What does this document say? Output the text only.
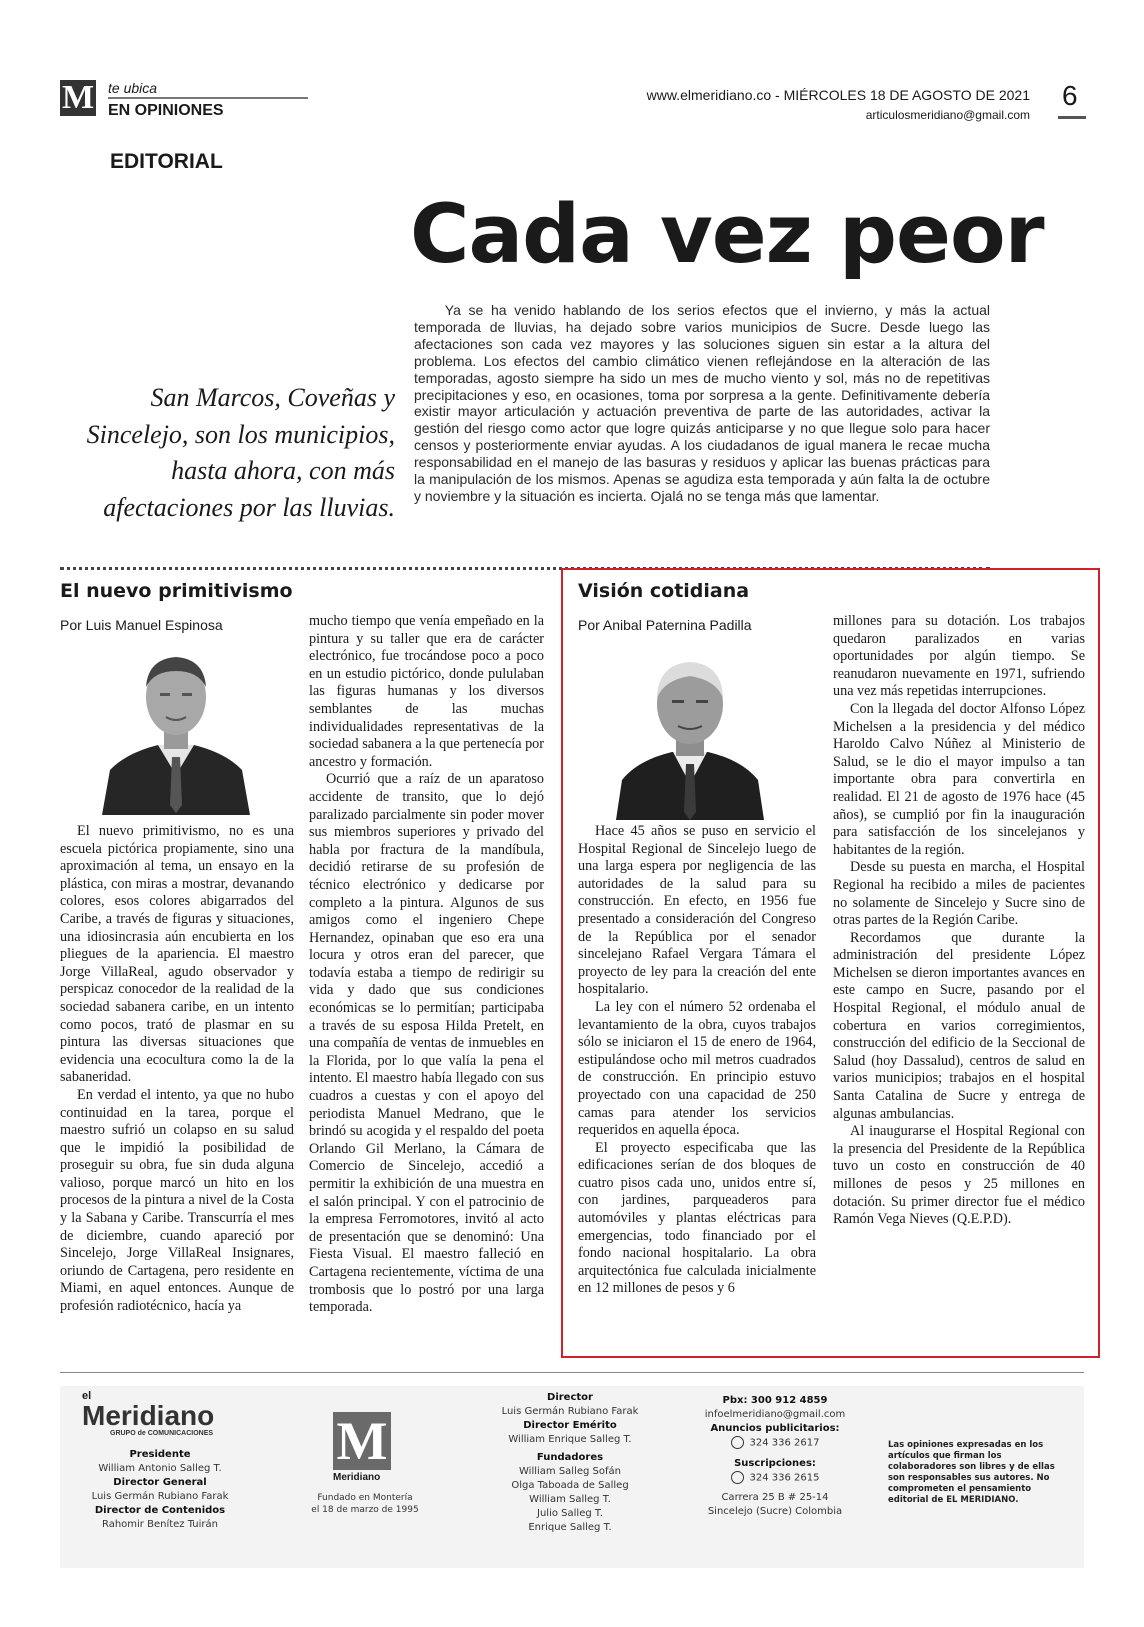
M te ubica
EN OPINIONES
www.elmeridiano.co - MIÉRCOLES 18 DE AGOSTO DE 2021
articulosmeridiano@gmail.com
6
EDITORIAL
Cada vez peor
San Marcos, Coveñas y Sincelejo, son los municipios, hasta ahora, con más afectaciones por las lluvias.

Ya se ha venido hablando de los serios efectos que el invierno, y más la actual temporada de lluvias, ha dejado sobre varios municipios de Sucre. Desde luego las afectaciones son cada vez mayores y las soluciones siguen sin estar a la altura del problema. Los efectos del cambio climático vienen reflejándose en la alteración de las temporadas, agosto siempre ha sido un mes de mucho viento y sol, más no de repetitivas precipitaciones y eso, en ocasiones, toma por sorpresa a la gente. Definitivamente debería existir mayor articulación y actuación preventiva de parte de las autoridades, activar la gestión del riesgo como actor que logre quizás anticiparse y no que llegue solo para hacer censos y posteriormente enviar ayudas. A los ciudadanos de igual manera le recae mucha responsabilidad en el manejo de las basuras y residuos y aplicar las buenas prácticas para la manipulación de los mismos. Apenas se agudiza esta temporada y aún falta la de octubre y noviembre y la situación es incierta. Ojalá no se tenga más que lamentar.

El nuevo primitivismo
Por Luis Manuel Espinosa

El nuevo primitivismo, no es una escuela pictórica propiamente, sino una aproximación al tema, un ensayo en la plástica, con miras a mostrar, devanando colores, esos colores abigarrados del Caribe, a través de figuras y situaciones, una idiosincrasia aún encubierta en los pliegues de la apariencia. El maestro Jorge VillaReal, agudo observador y perspicaz conocedor de la realidad de la sociedad sabanera caribe, en un intento como pocos, trató de plasmar en su pintura las diversas situaciones que evidencia una ecocultura como la de la sabaneridad.

En verdad el intento, ya que no hubo continuidad en la tarea, porque el maestro sufrió un colapso en su salud que le impidió la posibilidad de proseguir su obra, fue sin duda alguna valioso, porque marcó un hito en los procesos de la pintura a nivel de la Costa y la Sabana y Caribe. Transcurría el mes de diciembre, cuando apareció por Sincelejo, Jorge VillaReal Insignares, oriundo de Cartagena, pero residente en Miami, en aquel entonces. Aunque de profesión radiotécnico, hacía ya

mucho tiempo que venía empeñado en la pintura y su taller que era de carácter electrónico, fue trocándose poco a poco en un estudio pictórico, donde pululaban las figuras humanas y los diversos semblantes de las muchas individualidades representativas de la sociedad sabanera a la que pertenecía por ancestro y formación.

Ocurrió que a raíz de un aparatoso accidente de transito, que lo dejó paralizado parcialmente sin poder mover sus miembros superiores y privado del habla por fractura de la mandíbula, decidió retirarse de su profesión de técnico electrónico y dedicarse por completo a la pintura. Algunos de sus amigos como el ingeniero Chepe Hernandez, opinaban que eso era una locura y otros eran del parecer, que todavía estaba a tiempo de redirigir su vida y dado que sus condiciones económicas se lo permitían; participaba a través de su esposa Hilda Pretelt, en una compañía de ventas de inmuebles en la Florida, por lo que valía la pena el intento. El maestro había llegado con sus cuadros a cuestas y con el apoyo del periodista Manuel Medrano, que le brindó su acogida y el respaldo del poeta Orlando Gil Merlano, la Cámara de Comercio de Sincelejo, accedió a permitir la exhibición de una muestra en el salón principal. Y con el patrocinio de la empresa Ferromotores, invitó al acto de presentación que se denominó: Una Fiesta Visual. El maestro falleció en Cartagena recientemente, víctima de una trombosis que lo postró por una larga temporada.

Visión cotidiana
Por Anibal Paternina Padilla

Hace 45 años se puso en servicio el Hospital Regional de Sincelejo luego de una larga espera por negligencia de las autoridades de la salud para su construcción. En efecto, en 1956 fue presentado a consideración del Congreso de la República por el senador sincelejano Rafael Vergara Támara el proyecto de ley para la creación del ente hospitalario.

La ley con el número 52 ordenaba el levantamiento de la obra, cuyos trabajos sólo se iniciaron el 15 de enero de 1964, estipulándose ocho mil metros cuadrados de construcción. En principio estuvo proyectado con una capacidad de 250 camas para atender los servicios requeridos en aquella época.

El proyecto especificaba que las edificaciones serían de dos bloques de cuatro pisos cada uno, unidos entre sí, con jardines, parqueaderos para automóviles y plantas eléctricas para emergencias, todo financiado por el fondo nacional hospitalario. La obra arquitectónica fue calculada inicialmente en 12 millones de pesos y 6

millones para su dotación. Los trabajos quedaron paralizados en varias oportunidades por algún tiempo. Se reanudaron nuevamente en 1971, sufriendo una vez más repetidas interrupciones.

Con la llegada del doctor Alfonso López Michelsen a la presidencia y del médico Haroldo Calvo Núñez al Ministerio de Salud, se le dio el mayor impulso a tan importante obra para convertirla en realidad. El 21 de agosto de 1976 hace (45 años), se cumplió por fin la inauguración para satisfacción de los sincelejanos y habitantes de la región.

Desde su puesta en marcha, el Hospital Regional ha recibido a miles de pacientes no solamente de Sincelejo y Sucre sino de otras partes de la Región Caribe.

Recordamos que durante la administración del presidente López Michelsen se dieron importantes avances en este campo en Sucre, pasando por el Hospital Regional, el módulo anual de cobertura en varios corregimientos, construcción del edificio de la Seccional de Salud (hoy Dassalud), centros de salud en varios municipios; trabajos en el hospital Santa Catalina de Sucre y entrega de algunas ambulancias.

Al inaugurarse el Hospital Regional con la presencia del Presidente de la República tuvo un costo en construcción de 40 millones de pesos y 25 millones en dotación. Su primer director fue el médico Ramón Vega Nieves (Q.E.P.D).

el
Meridiano
GRUPO de COMUNICACIONES
Presidente
William Antonio Salleg T.
Director General
Luis Germán Rubiano Farak
Director de Contenidos
Rahomir Benítez Tuirán
M
Meridiano
Fundado en Montería
el 18 de marzo de 1995
Director
Luis Germán Rubiano Farak
Director Emérito
William Enrique Salleg T.
Fundadores
William Salleg Sofán
Olga Taboada de Salleg
William Salleg T.
Julio Salleg T.
Enrique Salleg T.
Pbx: 300 912 4859
infoelmeridiano@gmail.com
Anuncios publicitarios:
324 336 2617
Suscripciones:
324 336 2615
Carrera 25 B # 25-14
Sincelejo (Sucre) Colombia
Las opiniones expresadas en los artículos que firman los colaboradores son libres y de ellas son responsables sus autores. No comprometen el pensamiento editorial de EL MERIDIANO.
